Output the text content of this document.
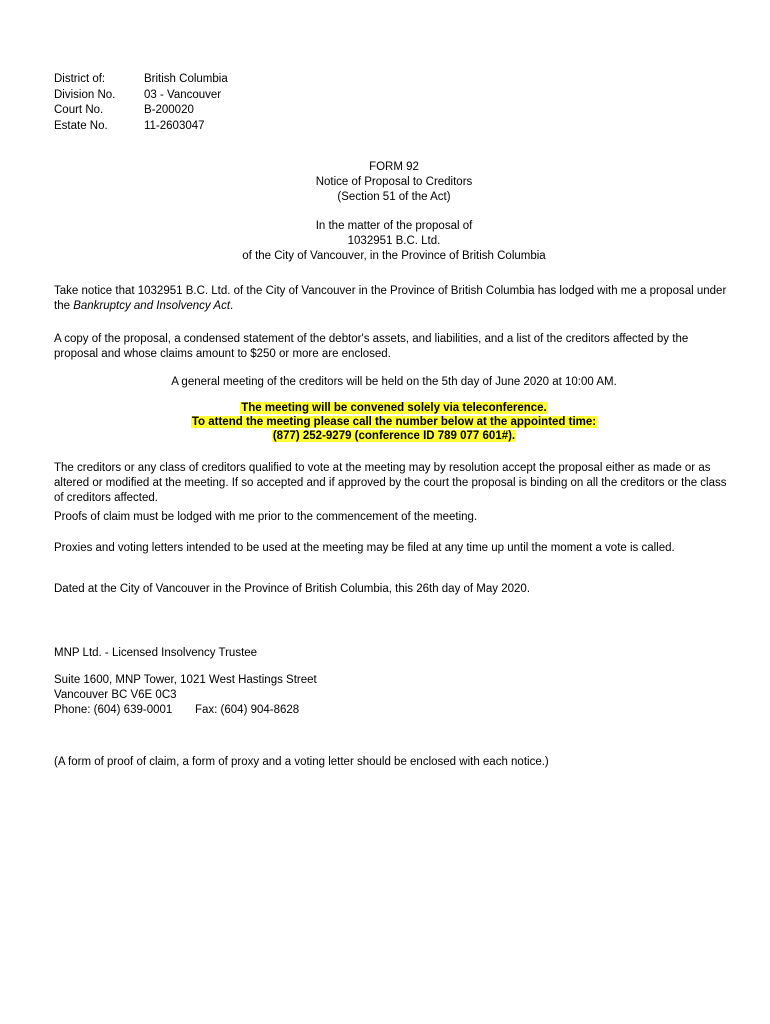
District of:	British Columbia
Division No.	03 - Vancouver
Court No.	B-200020
Estate No.	11-2603047
FORM 92
Notice of Proposal to Creditors
(Section 51 of the Act)
In the matter of the proposal of
1032951 B.C. Ltd.
of the City of Vancouver, in the Province of British Columbia

Take notice that 1032951 B.C. Ltd. of the City of Vancouver in the Province of British Columbia has lodged with me a proposal under the Bankruptcy and Insolvency Act.

A copy of the proposal, a condensed statement of the debtor's assets, and liabilities, and a list of the creditors affected by the proposal and whose claims amount to $250 or more are enclosed.

A general meeting of the creditors will be held on the 5th day of June 2020 at 10:00 AM.

The meeting will be convened solely via teleconference.
To attend the meeting please call the number below at the appointed time:
(877) 252-9279 (conference ID 789 077 601#).

The creditors or any class of creditors qualified to vote at the meeting may by resolution accept the proposal either as made or as altered or modified at the meeting. If so accepted and if approved by the court the proposal is binding on all the creditors or the class of creditors affected.

Proofs of claim must be lodged with me prior to the commencement of the meeting.

Proxies and voting letters intended to be used at the meeting may be filed at any time up until the moment a vote is called.

Dated at the City of Vancouver in the Province of British Columbia, this 26th day of May 2020.

MNP Ltd. - Licensed Insolvency Trustee

Suite 1600, MNP Tower, 1021 West Hastings Street
Vancouver BC V6E 0C3
Phone: (604) 639-0001	Fax: (604) 904-8628

(A form of proof of claim, a form of proxy and a voting letter should be enclosed with each notice.)
